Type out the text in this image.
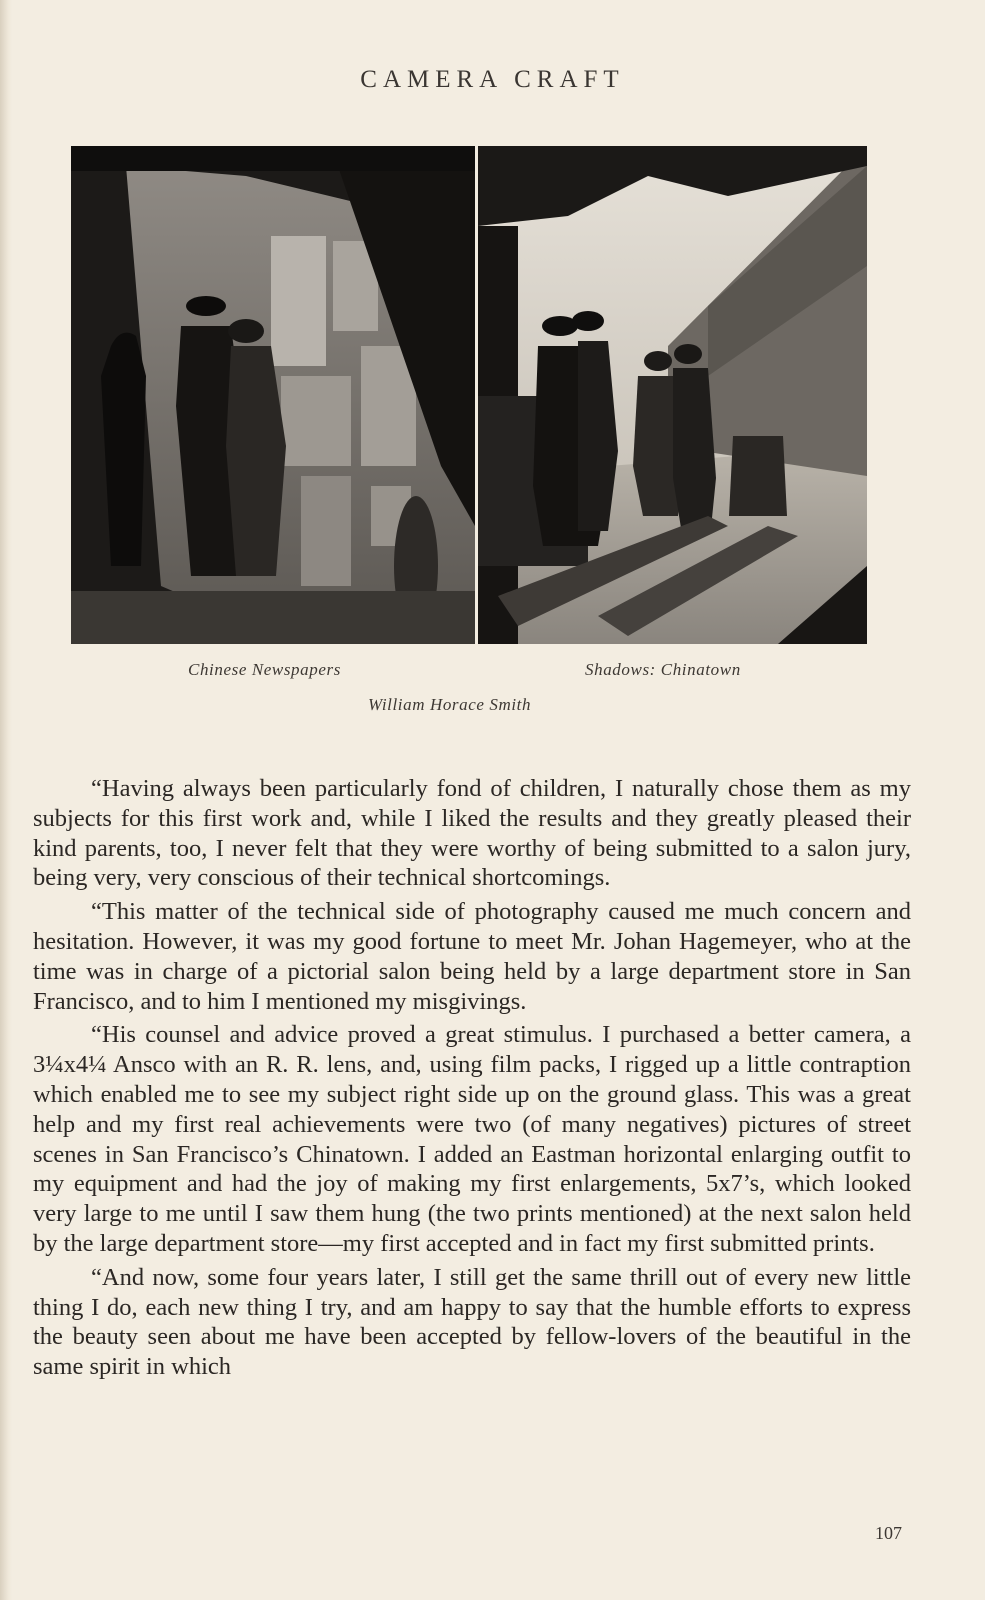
CAMERA CRAFT
Chinese Newspapers	Shadows: Chinatown
William Horace Smith

“Having always been particularly fond of children, I naturally chose them as my subjects for this first work and, while I liked the results and they greatly pleased their kind parents, too, I never felt that they were worthy of being submitted to a salon jury, being very, very conscious of their technical shortcomings.

“This matter of the technical side of photography caused me much concern and hesitation. However, it was my good fortune to meet Mr. Johan Hagemeyer, who at the time was in charge of a pictorial salon being held by a large department store in San Francisco, and to him I mentioned my misgivings.

“His counsel and advice proved a great stimulus. I purchased a better camera, a 3¼x4¼ Ansco with an R. R. lens, and, using film packs, I rigged up a little contraption which enabled me to see my subject right side up on the ground glass. This was a great help and my first real achievements were two (of many negatives) pictures of street scenes in San Francisco’s Chinatown. I added an Eastman horizontal enlarging outfit to my equipment and had the joy of making my first enlargements, 5x7’s, which looked very large to me until I saw them hung (the two prints mentioned) at the next salon held by the large department store—my first accepted and in fact my first submitted prints.

“And now, some four years later, I still get the same thrill out of every new little thing I do, each new thing I try, and am happy to say that the humble efforts to express the beauty seen about me have been accepted by fellow-lovers of the beautiful in the same spirit in which

107
